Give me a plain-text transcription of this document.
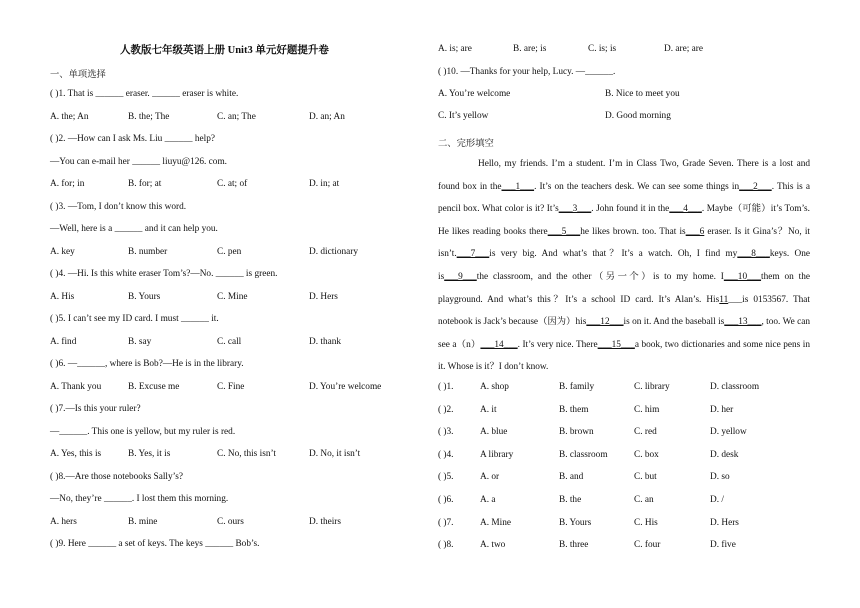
人教版七年级英语上册 Unit3 单元好题提升卷
一、单项选择
( )1. That is ______ eraser. ______ eraser is white.
A. the; An	B. the; The	C. an; The	D. an; An
( )2. —How can I ask Ms. Liu ______ help?
—You can e-mail her ______ liuyu@126. com.
A. for; in	B. for; at	C. at; of	D. in; at
( )3. —Tom, I don’t know this word.
—Well, here is a ______ and it can help you.
A. key	B. number	C. pen	D. dictionary
( )4. —Hi. Is this white eraser Tom’s?—No. ______ is green.
A. His	B. Yours	C. Mine	D. Hers
( )5. I can’t see my ID card. I must ______ it.
A. find	B. say	C. call	D. thank
( )6. —______, where is Bob?—He is in the library.
A. Thank you	B. Excuse me	C. Fine	D. You’re welcome
( )7.—Is this your ruler?
—______. This one is yellow, but my ruler is red.
A. Yes, this is	B. Yes, it is	C. No, this isn’t	D. No, it isn’t
( )8.—Are those notebooks Sally’s?
—No, they’re ______. I lost them this morning.
A. hers	B. mine	C. ours	D. theirs
( )9. Here ______ a set of keys. The keys ______ Bob’s.
A. is; are	B. are; is	C. is; is	D. are; are
( )10. —Thanks for your help, Lucy. —______.
A. You’re welcome	B. Nice to meet you
C. It’s yellow	D. Good morning
二、完形填空
Hello, my friends. I’m a student. I’m in Class Two, Grade Seven. There is a lost and found box in the___1___. It’s on the teachers desk. We can see some things in___2___. This is a pencil box. What color is it? It’s___3___. John found it in the___4___. Maybe（可能）it’s Tom’s. He likes reading books there___5___he likes brown. too. That is___6 eraser. Is it Gina’s？No, it isn’t.___7___is very big. And what’s that？It’s a watch. Oh, I find my___8___keys. One is___9___the classroom, and the other（另一个）is to my home. I___10___them on the playground. And what’s this？It’s a school ID card. It’s Alan’s. His11___is 0153567. That notebook is Jack’s because（因为）his___12___is on it. And the baseball is___13___, too. We can see a（n）___14___. It’s very nice. There___15___a book, two dictionaries and some nice pens in it. Whose is it？I don’t know.
( )1.	A. shop	B. family	C. library	D. classroom
( )2.	A. it	B. them	C. him	D. her
( )3.	A. blue	B. brown	C. red	D. yellow
( )4.	A library	B. classroom	C. box	D. desk
( )5.	A. or	B. and	C. but	D. so
( )6.	A. a	B. the	C. an	D. /
( )7.	A. Mine	B. Yours	C. His	D. Hers
( )8.	A. two	B. three	C. four	D. five
